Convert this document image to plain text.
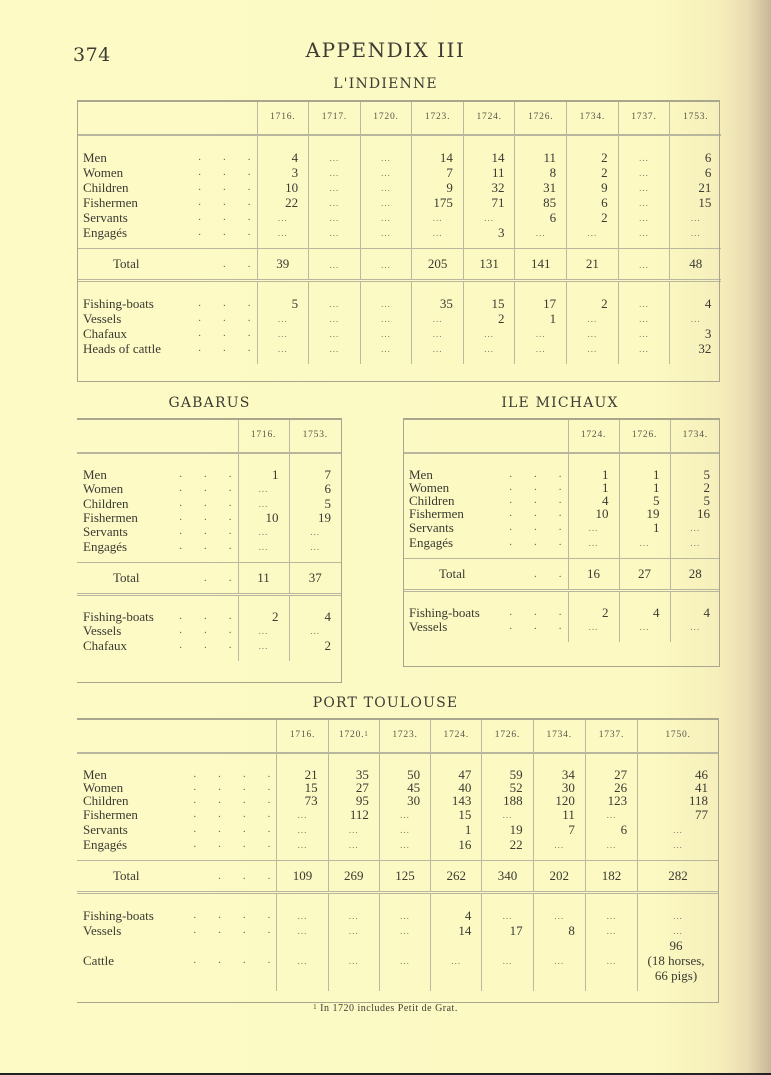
374	APPENDIX III
L'INDIENNE
	1716.	1717.	1720.	1723.	1724.	1726.	1734.	1737.	1753.
Men . . .	4	...	...	14	14	11	2	...	6
Women . . .	3	...	...	7	11	8	2	...	6
Children . . .	10	...	...	9	32	31	9	...	21
Fishermen . . .	22	...	...	175	71	85	6	...	15
Servants . . .	...	...	...	...	...	6	2	...	...
Engagés . . .	...	...	...	...	3	...	...	...	...
Total . .	39	...	...	205	131	141	21	...	48
Fishing-boats . . .	5	...	...	35	15	17	2	...	4
Vessels . . .	...	...	...	...	2	1	...	...	...
Chafaux . . .	...	...	...	...	...	...	...	...	3
Heads of cattle . . .	...	...	...	...	...	...	...	...	32
GABARUS
	1716.	1753.
Men . . .	1	7
Women . . .	...	6
Children . . .	...	5
Fishermen . . .	10	19
Servants . . .	...	...
Engagés . . .	...	...
Total . .	11	37
Fishing-boats . . .	2	4
Vessels . . .	...	...
Chafaux . . .	...	2
ILE MICHAUX
	1724.	1726.	1734.
Men . . .	1	1	5
Women . . .	1	1	2
Children . . .	4	5	5
Fishermen . . .	10	19	16
Servants . . .	...	1	...
Engagés . . .	...	...	...
Total . .	16	27	28
Fishing-boats . . .	2	4	4
Vessels . . .	...	...	...
PORT TOULOUSE
	1716.	1720.$^1$	1723.	1724.	1726.	1734.	1737.	1750.
Men . . . .	21	35	50	47	59	34	27	46
Women . . . .	15	27	45	40	52	30	26	41
Children . . . .	73	95	30	143	188	120	123	118
Fishermen . . . .	...	112	...	15	...	11	...	77
Servants . . . .	...	...	...	1	19	7	6	...
Engagés . . . .	...	...	...	16	22	...	...	...
Total . . .	109	269	125	262	340	202	182	282
Fishing-boats . . . .	...	...	...	4	...	...	...	...
Vessels . . . .	...	...	...	14	17	8	...	...
Cattle . . . .	...	...	...	...	...	...	...	96
(18 horses, 66 pigs)
$^1$ In 1720 includes Petit de Grat.
